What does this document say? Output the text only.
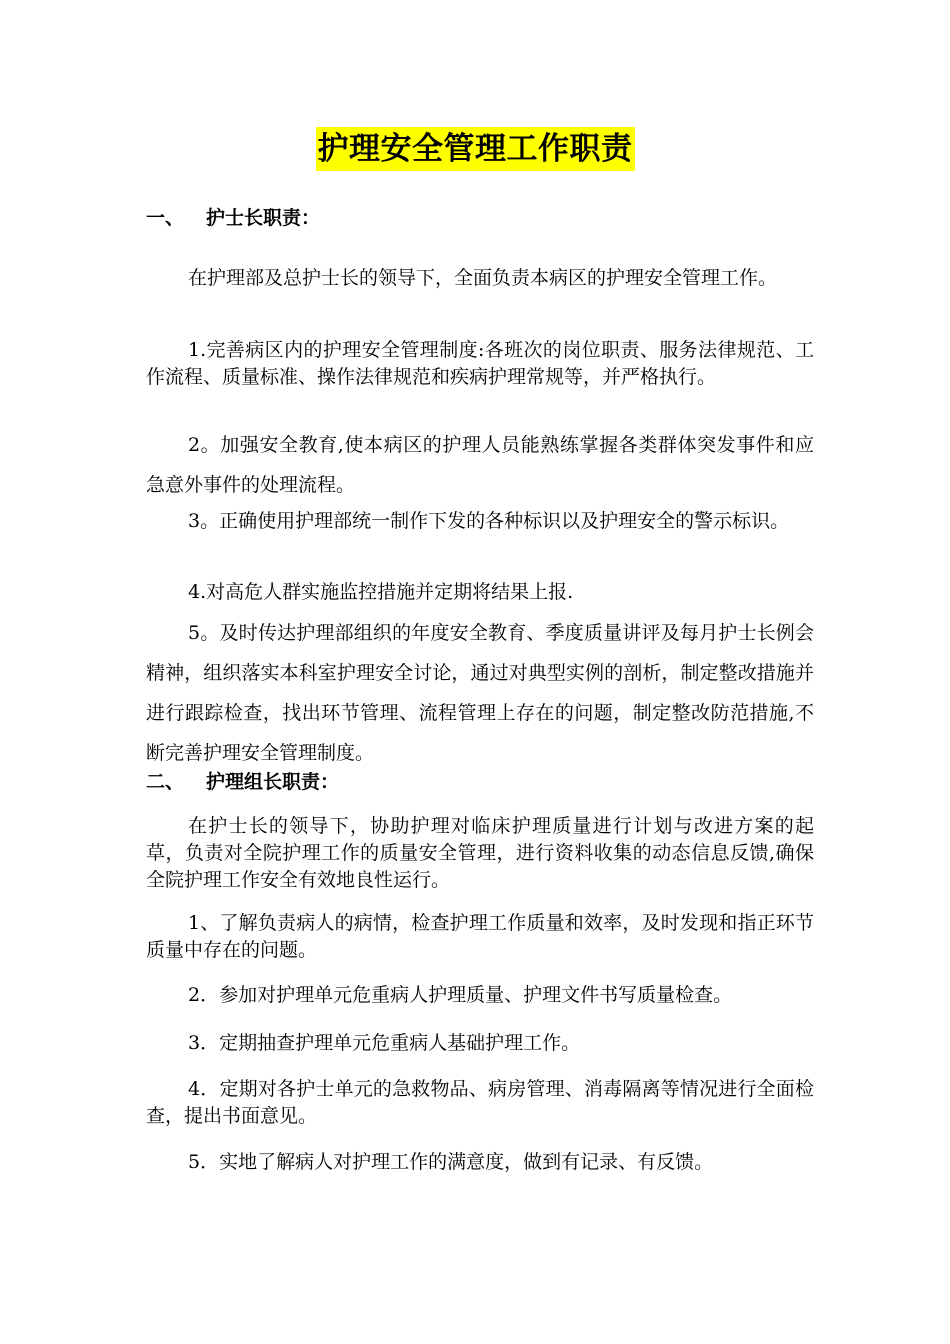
护理安全管理工作职责
一、 护士长职责：

在护理部及总护士长的领导下，全面负责本病区的护理安全管理工作。

1.完善病区内的护理安全管理制度:各班次的岗位职责、服务法律规范、工作流程、质量标准、操作法律规范和疾病护理常规等，并严格执行。

2。加强安全教育,使本病区的护理人员能熟练掌握各类群体突发事件和应急意外事件的处理流程。

3。正确使用护理部统一制作下发的各种标识以及护理安全的警示标识。

4.对高危人群实施监控措施并定期将结果上报.

5。及时传达护理部组织的年度安全教育、季度质量讲评及每月护士长例会精神，组织落实本科室护理安全讨论，通过对典型实例的剖析，制定整改措施并进行跟踪检查，找出环节管理、流程管理上存在的问题，制定整改防范措施,不断完善护理安全管理制度。

二、 护理组长职责：

在护士长的领导下，协助护理对临床护理质量进行计划与改进方案的起草，负责对全院护理工作的质量安全管理，进行资料收集的动态信息反馈,确保全院护理工作安全有效地良性运行。

1、了解负责病人的病情，检查护理工作质量和效率，及时发现和指正环节质量中存在的问题。

2．参加对护理单元危重病人护理质量、护理文件书写质量检查。

3．定期抽查护理单元危重病人基础护理工作。

4．定期对各护士单元的急救物品、病房管理、消毒隔离等情况进行全面检查，提出书面意见。

5．实地了解病人对护理工作的满意度，做到有记录、有反馈。
